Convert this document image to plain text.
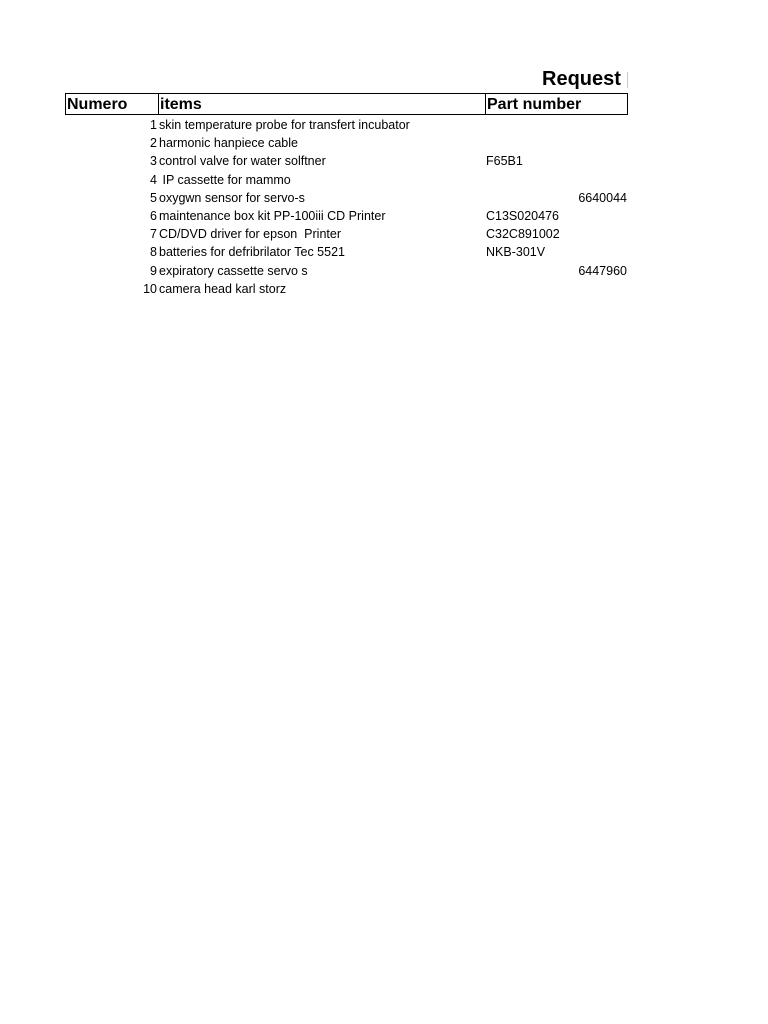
Request
Numero	items	Part number
1 skin temperature probe for transfert incubator
2 harmonic hanpiece cable
3 control valve for water solftner	F65B1
4 IP cassette for mammo
5 oxygwn sensor for servo-s	6640044
6 maintenance box kit PP-100iii CD Printer	C13S020476
7 CD/DVD driver for epson  Printer	C32C891002
8 batteries for defribrilator Tec 5521	NKB-301V
9 expiratory cassette servo s	6447960
10 camera head karl storz
